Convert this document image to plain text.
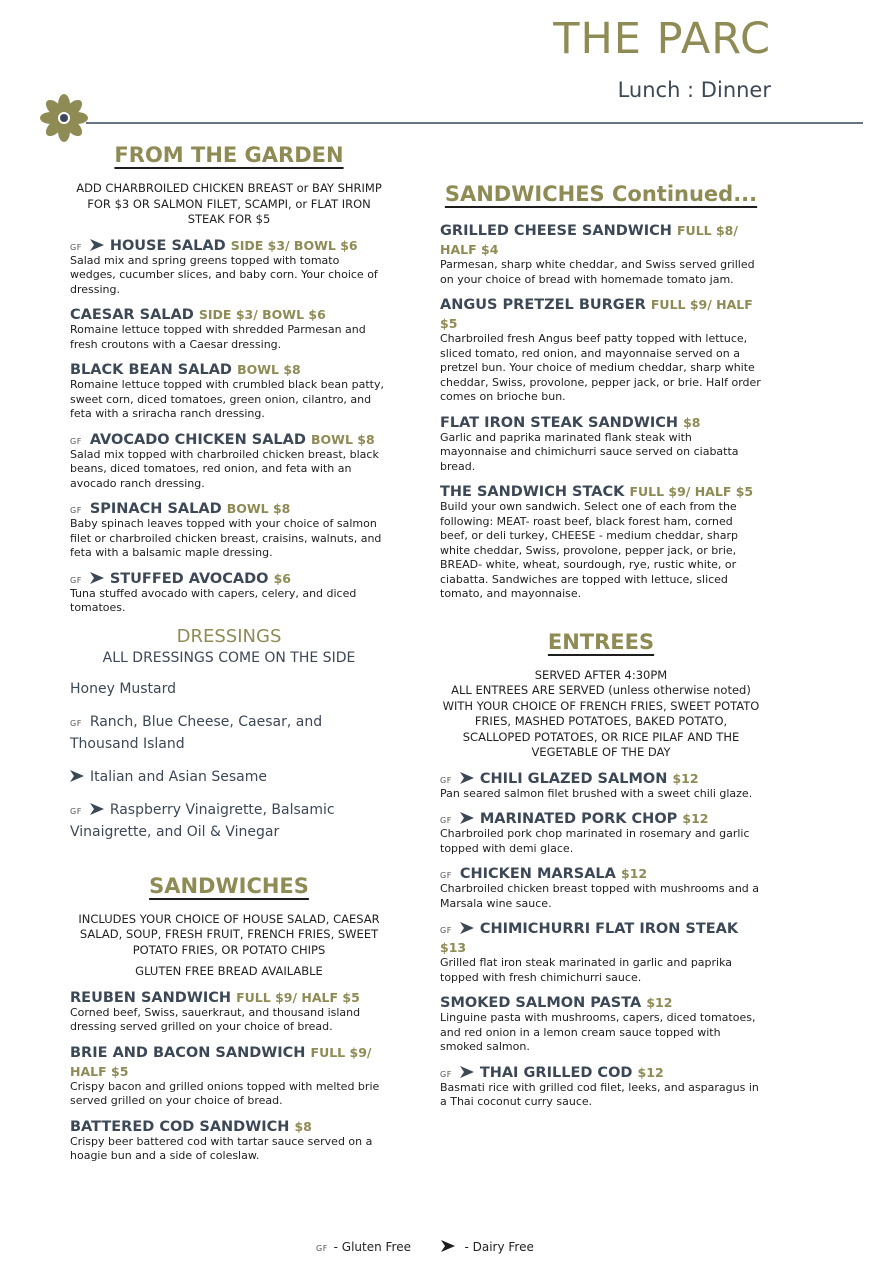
THE PARC
Lunch : Dinner
FROM THE GARDEN
ADD CHARBROILED CHICKEN BREAST or BAY SHRIMP FOR $3 OR SALMON FILET, SCAMPI, or FLAT IRON STEAK FOR $5
GF HOUSE SALAD SIDE $3/ BOWL $6
Salad mix and spring greens topped with tomato wedges, cucumber slices, and baby corn. Your choice of dressing.
CAESAR SALAD SIDE $3/ BOWL $6
Romaine lettuce topped with shredded Parmesan and fresh croutons with a Caesar dressing.
BLACK BEAN SALAD BOWL $8
Romaine lettuce topped with crumbled black bean patty, sweet corn, diced tomatoes, green onion, cilantro, and feta with a sriracha ranch dressing.
GF AVOCADO CHICKEN SALAD BOWL $8
Salad mix topped with charbroiled chicken breast, black beans, diced tomatoes, red onion, and feta with an avocado ranch dressing.
GF SPINACH SALAD BOWL $8
Baby spinach leaves topped with your choice of salmon filet or charbroiled chicken breast, craisins, walnuts, and feta with a balsamic maple dressing.
GF STUFFED AVOCADO $6
Tuna stuffed avocado with capers, celery, and diced tomatoes.
DRESSINGS
ALL DRESSINGS COME ON THE SIDE
Honey Mustard
GF Ranch, Blue Cheese, Caesar, and Thousand Island
Italian and Asian Sesame
GF Raspberry Vinaigrette, Balsamic Vinaigrette, and Oil & Vinegar
SANDWICHES
INCLUDES YOUR CHOICE OF HOUSE SALAD, CAESAR SALAD, SOUP, FRESH FRUIT, FRENCH FRIES, SWEET POTATO FRIES, OR POTATO CHIPS
GLUTEN FREE BREAD AVAILABLE
REUBEN SANDWICH FULL $9/ HALF $5
Corned beef, Swiss, sauerkraut, and thousand island dressing served grilled on your choice of bread.
BRIE AND BACON SANDWICH FULL $9/ HALF $5
Crispy bacon and grilled onions topped with melted brie served grilled on your choice of bread.
BATTERED COD SANDWICH $8
Crispy beer battered cod with tartar sauce served on a hoagie bun and a side of coleslaw.
SANDWICHES Continued...
GRILLED CHEESE SANDWICH FULL $8/ HALF $4
Parmesan, sharp white cheddar, and Swiss served grilled on your choice of bread with homemade tomato jam.
ANGUS PRETZEL BURGER FULL $9/ HALF $5
Charbroiled fresh Angus beef patty topped with lettuce, sliced tomato, red onion, and mayonnaise served on a pretzel bun. Your choice of medium cheddar, sharp white cheddar, Swiss, provolone, pepper jack, or brie. Half order comes on brioche bun.
FLAT IRON STEAK SANDWICH $8
Garlic and paprika marinated flank steak with mayonnaise and chimichurri sauce served on ciabatta bread.
THE SANDWICH STACK FULL $9/ HALF $5
Build your own sandwich. Select one of each from the following: MEAT- roast beef, black forest ham, corned beef, or deli turkey, CHEESE - medium cheddar, sharp white cheddar, Swiss, provolone, pepper jack, or brie, BREAD- white, wheat, sourdough, rye, rustic white, or ciabatta. Sandwiches are topped with lettuce, sliced tomato, and mayonnaise.
ENTREES
SERVED AFTER 4:30PM
ALL ENTREES ARE SERVED (unless otherwise noted) WITH YOUR CHOICE OF FRENCH FRIES, SWEET POTATO FRIES, MASHED POTATOES, BAKED POTATO, SCALLOPED POTATOES, OR RICE PILAF AND THE VEGETABLE OF THE DAY
GF CHILI GLAZED SALMON $12
Pan seared salmon filet brushed with a sweet chili glaze.
GF MARINATED PORK CHOP $12
Charbroiled pork chop marinated in rosemary and garlic topped with demi glace.
GF CHICKEN MARSALA $12
Charbroiled chicken breast topped with mushrooms and a Marsala wine sauce.
GF CHIMICHURRI FLAT IRON STEAK $13
Grilled flat iron steak marinated in garlic and paprika topped with fresh chimichurri sauce.
SMOKED SALMON PASTA $12
Linguine pasta with mushrooms, capers, diced tomatoes, and red onion in a lemon cream sauce topped with smoked salmon.
GF THAI GRILLED COD $12
Basmati rice with grilled cod filet, leeks, and asparagus in a Thai coconut curry sauce.
GF - Gluten Free	- Dairy Free
